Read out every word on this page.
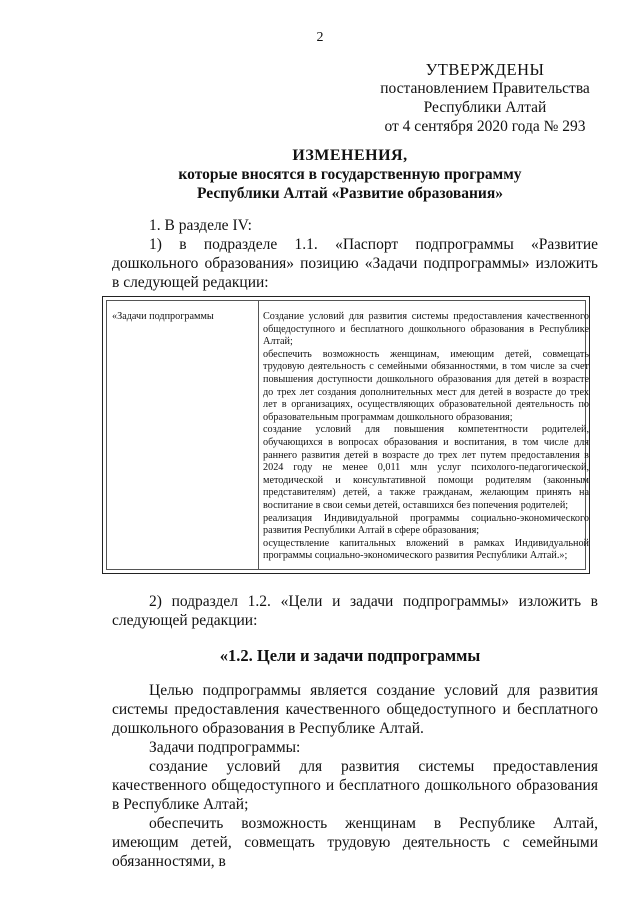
2
УТВЕРЖДЕНЫ
постановлением Правительства
Республики Алтай
от 4 сентября 2020 года № 293
ИЗМЕНЕНИЯ,
которые вносятся в государственную программу
Республики Алтай «Развитие образования»

1. В разделе IV:

1) в подразделе 1.1. «Паспорт подпрограммы «Развитие дошкольного образования» позицию «Задачи подпрограммы» изложить в следующей редакции:

«Задачи подпрограммы	Создание условий для развития системы предоставления качественного общедоступного и бесплатного дошкольного образования в Республике Алтай;

обеспечить возможность женщинам, имеющим детей, совмещать трудовую деятельность с семейными обязанностями, в том числе за счет повышения доступности дошкольного образования для детей в возрасте до трех лет создания дополнительных мест для детей в возрасте до трех лет в организациях, осуществляющих образовательной деятельность по образовательным программам дошкольного образования;

создание условий для повышения компетентности родителей, обучающихся в вопросах образования и воспитания, в том числе для раннего развития детей в возрасте до трех лет путем предоставления в 2024 году не менее 0,011 млн услуг психолого-педагогической, методической и консультативной помощи родителям (законным представителям) детей, а также гражданам, желающим принять на воспитание в свои семьи детей, оставшихся без попечения родителей;

реализация Индивидуальной программы социально-экономического развития Республики Алтай в сфере образования;

осуществление капитальных вложений в рамках Индивидуальной программы социально-экономического развития Республики Алтай.»;

2) подраздел 1.2. «Цели и задачи подпрограммы» изложить в следующей редакции:

«1.2. Цели и задачи подпрограммы

Целью подпрограммы является создание условий для развития системы предоставления качественного общедоступного и бесплатного дошкольного образования в Республике Алтай.

Задачи подпрограммы:

создание условий для развития системы предоставления качественного общедоступного и бесплатного дошкольного образования в Республике Алтай;

обеспечить возможность женщинам в Республике Алтай, имеющим детей, совмещать трудовую деятельность с семейными обязанностями, в
